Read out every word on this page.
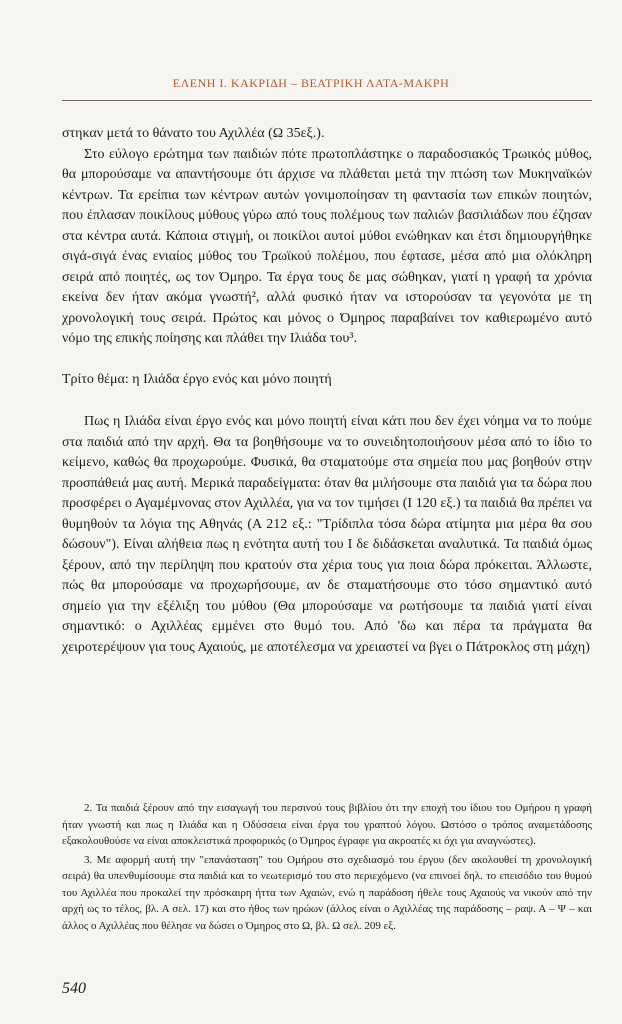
ΕΛΕΝΗ Ι. ΚΑΚΡΙΔΗ – ΒΕΑΤΡΙΚΗ ΛΑΤΑ-ΜΑΚΡΗ

στηκαν μετά το θάνατο του Αχιλλέα (Ω 35εξ.).

Στο εύλογο ερώτημα των παιδιών πότε πρωτοπλάστηκε ο παραδοσιακός Τρωικός μύθος, θα μπορούσαμε να απαντήσουμε ότι άρχισε να πλάθεται μετά την πτώση των Μυκηναϊκών κέντρων. Τα ερείπια των κέντρων αυτών γονιμοποίησαν τη φαντασία των επικών ποιητών, που έπλασαν ποικίλους μύθους γύρω από τους πολέμους των παλιών βασιλιάδων που έζησαν στα κέντρα αυτά. Κάποια στιγμή, οι ποικίλοι αυτοί μύθοι ενώθηκαν και έτσι δημιουργήθηκε σιγά-σιγά ένας ενιαίος μύθος του Τρωϊκού πολέμου, που έφτασε, μέσα από μια ολόκληρη σειρά από ποιητές, ως τον Όμηρο. Τα έργα τους δε μας σώθηκαν, γιατί η γραφή τα χρόνια εκείνα δεν ήταν ακόμα γνωστή², αλλά φυσικό ήταν να ιστορούσαν τα γεγονότα με τη χρονολογική τους σειρά. Πρώτος και μόνος ο Όμηρος παραβαίνει τον καθιερωμένο αυτό νόμο της επικής ποίησης και πλάθει την Ιλιάδα του³.

Τρίτο θέμα: η Ιλιάδα έργο ενός και μόνο ποιητή

Πως η Ιλιάδα είναι έργο ενός και μόνο ποιητή είναι κάτι που δεν έχει νόημα να το πούμε στα παιδιά από την αρχή. Θα τα βοηθήσουμε να το συνειδητοποιήσουν μέσα από το ίδιο το κείμενο, καθώς θα προχωρούμε. Φυσικά, θα σταματούμε στα σημεία που μας βοηθούν στην προσπάθειά μας αυτή. Μερικά παραδείγματα: όταν θα μιλήσουμε στα παιδιά για τα δώρα που προσφέρει ο Αγαμέμνονας στον Αχιλλέα, για να τον τιμήσει (Ι 120 εξ.) τα παιδιά θα πρέπει να θυμηθούν τα λόγια της Αθηνάς (Α 212 εξ.: "Τρίδιπλα τόσα δώρα ατίμητα μια μέρα θα σου δώσουν"). Είναι αλήθεια πως η ενότητα αυτή του Ι δε διδάσκεται αναλυτικά. Τα παιδιά όμως ξέρουν, από την περίληψη που κρατούν στα χέρια τους για ποια δώρα πρόκειται. Άλλωστε, πώς θα μπορούσαμε να προχωρήσουμε, αν δε σταματήσουμε στο τόσο σημαντικό αυτό σημείο για την εξέλιξη του μύθου (Θα μπορούσαμε να ρωτήσουμε τα παιδιά γιατί είναι σημαντικό: ο Αχιλλέας εμμένει στο θυμό του. Από 'δω και πέρα τα πράγματα θα χειροτερέψουν για τους Αχαιούς, με αποτέλεσμα να χρειαστεί να βγει ο Πάτροκλος στη μάχη)

2. Τα παιδιά ξέρουν από την εισαγωγή του περσινού τους βιβλίου ότι την εποχή του ίδιου του Ομήρου η γραφή ήταν γνωστή και πως η Ιλιάδα και η Οδύσσεια είναι έργα του γραπτού λόγου. Ωστόσο ο τρόπος αναμετάδοσης εξακολουθούσε να είναι αποκλειστικά προφορικός (ο Όμηρος έγραφε για ακροατές κι όχι για αναγνώστες).

3. Με αφορμή αυτή την "επανάσταση" του Ομήρου στο σχεδιασμό του έργου (δεν ακολουθεί τη χρονολογική σειρά) θα υπενθυμίσουμε στα παιδιά και το νεωτερισμό του στο περιεχόμενο (να επινοεί δηλ. το επεισόδιο του θυμού του Αχιλλέα που προκαλεί την πρόσκαιρη ήττα των Αχαιών, ενώ η παράδοση ήθελε τους Αχαιούς να νικούν από την αρχή ως το τέλος, βλ. Α σελ. 17) και στο ήθος των ηρώων (άλλος είναι ο Αχιλλέας της παράδοσης – ραψ. Α – Ψ – και άλλος ο Αχιλλέας που θέλησε να δώσει ο Όμηρος στο Ω, βλ. Ω σελ. 209 εξ.

540
